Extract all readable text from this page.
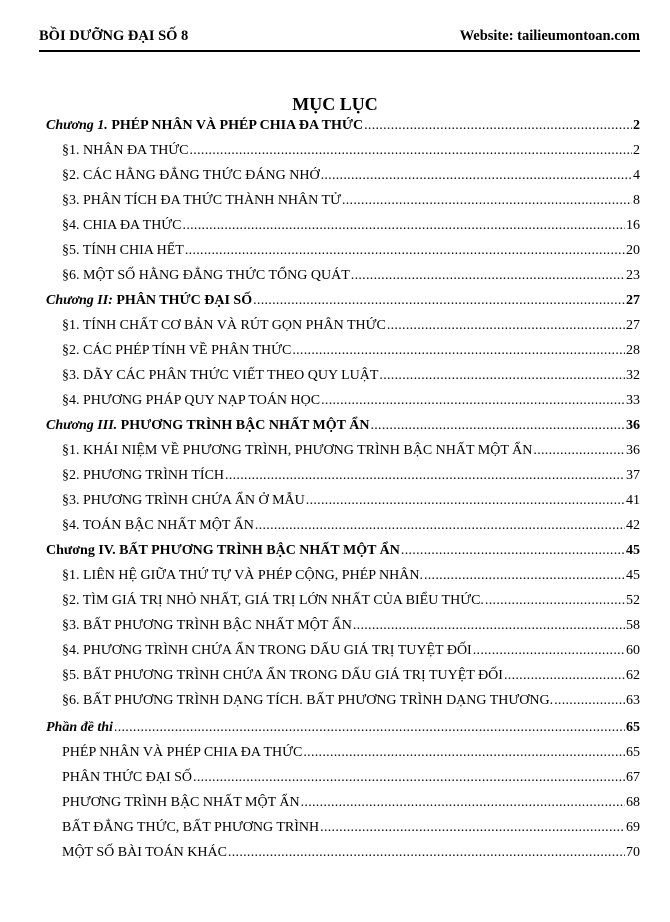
BỒI DƯỠNG ĐẠI SỐ 8	Website: tailieumontoan.com
MỤC LỤC
Chương 1. PHÉP NHÂN VÀ PHÉP CHIA ĐA THỨC .....	2
§1. NHÂN ĐA THỨC .....	2
§2. CÁC HẰNG ĐẲNG THỨC ĐÁNG NHỚ .....	4
§3. PHÂN TÍCH ĐA THỨC THÀNH NHÂN TỬ .....	8
§4. CHIA ĐA THỨC .....	16
§5. TÍNH CHIA HẾT .....	20
§6. MỘT SỐ HẰNG ĐẲNG THỨC TỔNG QUÁT .....	23
Chương II: PHÂN THỨC ĐẠI SỐ .....	27
§1. TÍNH CHẤT CƠ BẢN VÀ RÚT GỌN PHÂN THỨC .....	27
§2. CÁC PHÉP TÍNH VỀ PHÂN THỨC .....	28
§3. DÃY CÁC PHÂN THỨC VIẾT THEO QUY LUẬT .....	32
§4. PHƯƠNG PHÁP QUY NẠP TOÁN HỌC .....	33
Chương III. PHƯƠNG TRÌNH BẬC NHẤT MỘT ẨN .....	36
§1. KHÁI NIỆM VỀ PHƯƠNG TRÌNH, PHƯƠNG TRÌNH BẬC NHẤT MỘT ẨN .....	36
§2. PHƯƠNG TRÌNH TÍCH .....	37
§3. PHƯƠNG TRÌNH CHỨA ẨN Ở MẪU .....	41
§4. TOÁN BẬC NHẤT MỘT ẨN .....	42
Chương IV. BẤT PHƯƠNG TRÌNH BẬC NHẤT MỘT ẨN .....	45
§1. LIÊN HỆ GIỮA THỨ TỰ VÀ PHÉP CỘNG, PHÉP NHÂN. .....	45
§2. TÌM GIÁ TRỊ NHỎ NHẤT, GIÁ TRỊ LỚN NHẤT CỦA BIỂU THỨC. .....	52
§3. BẤT PHƯƠNG TRÌNH BẬC NHẤT MỘT ẨN .....	58
§4. PHƯƠNG TRÌNH CHỨA ẨN TRONG DẤU GIÁ TRỊ TUYỆT ĐỐI .....	60
§5. BẤT PHƯƠNG TRÌNH CHỨA ẨN TRONG DẤU GIÁ TRỊ TUYỆT ĐỐI .....	62
§6. BẤT PHƯƠNG TRÌNH DẠNG TÍCH. BẤT PHƯƠNG TRÌNH DẠNG THƯƠNG. .....	63
Phần đề thi .....	65
PHÉP NHÂN VÀ PHÉP CHIA ĐA THỨC .....	65
PHÂN THỨC ĐẠI SỐ .....	67
PHƯƠNG TRÌNH BẬC NHẤT MỘT ẨN .....	68
BẤT ĐẲNG THỨC, BẤT PHƯƠNG TRÌNH .....	69
MỘT SỐ BÀI TOÁN KHÁC .....	70
